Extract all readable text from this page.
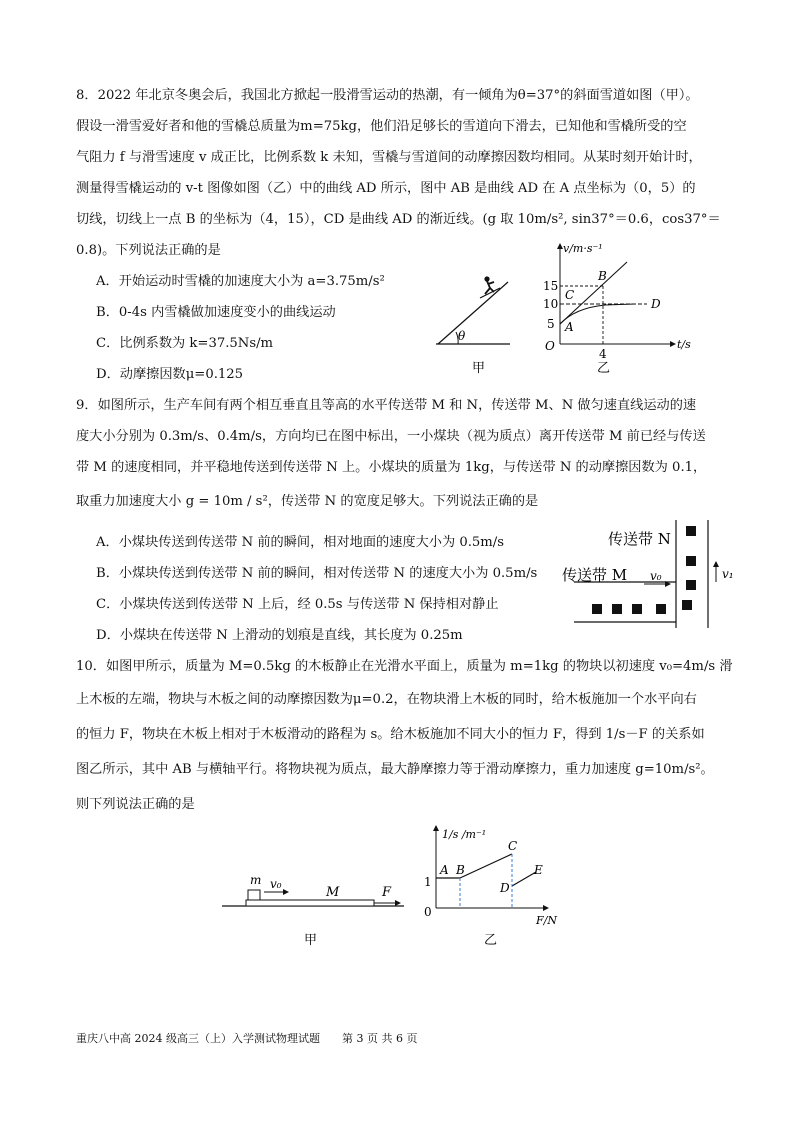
8．2022 年北京冬奥会后，我国北方掀起一股滑雪运动的热潮，有一倾角为θ=37°的斜面雪道如图（甲）。
假设一滑雪爱好者和他的雪橇总质量为m=75kg，他们沿足够长的雪道向下滑去，已知他和雪橇所受的空
气阻力 f 与滑雪速度 v 成正比，比例系数 k 未知，雪橇与雪道间的动摩擦因数均相同。从某时刻开始计时，
测量得雪橇运动的 v-t 图像如图（乙）中的曲线 AD 所示，图中 AB 是曲线 AD 在 A 点坐标为（0，5）的
切线，切线上一点 B 的坐标为（4，15），CD 是曲线 AD 的渐近线。(g 取 10m/s², sin37°＝0.6，cos37°＝
0.8)。下列说法正确的是
A．开始运动时雪橇的加速度大小为 a=3.75m/s²
B．0-4s 内雪橇做加速度变小的曲线运动
C．比例系数为 k=37.5Ns/m
D．动摩擦因数μ=0.125
θ
甲
v/m·s⁻¹
t/s
O
15
10
5
4
A
B
C
D
乙
9．如图所示，生产车间有两个相互垂直且等高的水平传送带 M 和 N，传送带 M、N 做匀速直线运动的速
度大小分别为 0.3m/s、0.4m/s，方向均已在图中标出，一小煤块（视为质点）离开传送带 M 前已经与传送
带 M 的速度相同，并平稳地传送到传送带 N 上。小煤块的质量为 1kg，与传送带 N 的动摩擦因数为 0.1，
取重力加速度大小 g = 10m / s²，传送带 N 的宽度足够大。下列说法正确的是
A．小煤块传送到传送带 N 前的瞬间，相对地面的速度大小为 0.5m/s
B．小煤块传送到传送带 N 前的瞬间，相对传送带 N 的速度大小为 0.5m/s
C．小煤块传送到传送带 N 上后，经 0.5s 与传送带 N 保持相对静止
D．小煤块在传送带 N 上滑动的划痕是直线，其长度为 0.25m
传送带 N
传送带 M v₀	v₁
10．如图甲所示，质量为 M=0.5kg 的木板静止在光滑水平面上，质量为 m=1kg 的物块以初速度 v₀=4m/s 滑
上木板的左端，物块与木板之间的动摩擦因数为μ=0.2，在物块滑上木板的同时，给木板施加一个水平向右
的恒力 F，物块在木板上相对于木板滑动的路程为 s。给木板施加不同大小的恒力 F，得到 1/s－F 的关系如
图乙所示，其中 AB 与横轴平行。将物块视为质点，最大静摩擦力等于滑动摩擦力，重力加速度 g=10m/s²。
则下列说法正确的是
m v₀
M	F
甲
1/s /m⁻¹
F/N
0
1
A B
C
D
E
乙
重庆八中高 2024 级高三（上）入学测试物理试题　　第 3 页 共 6 页
